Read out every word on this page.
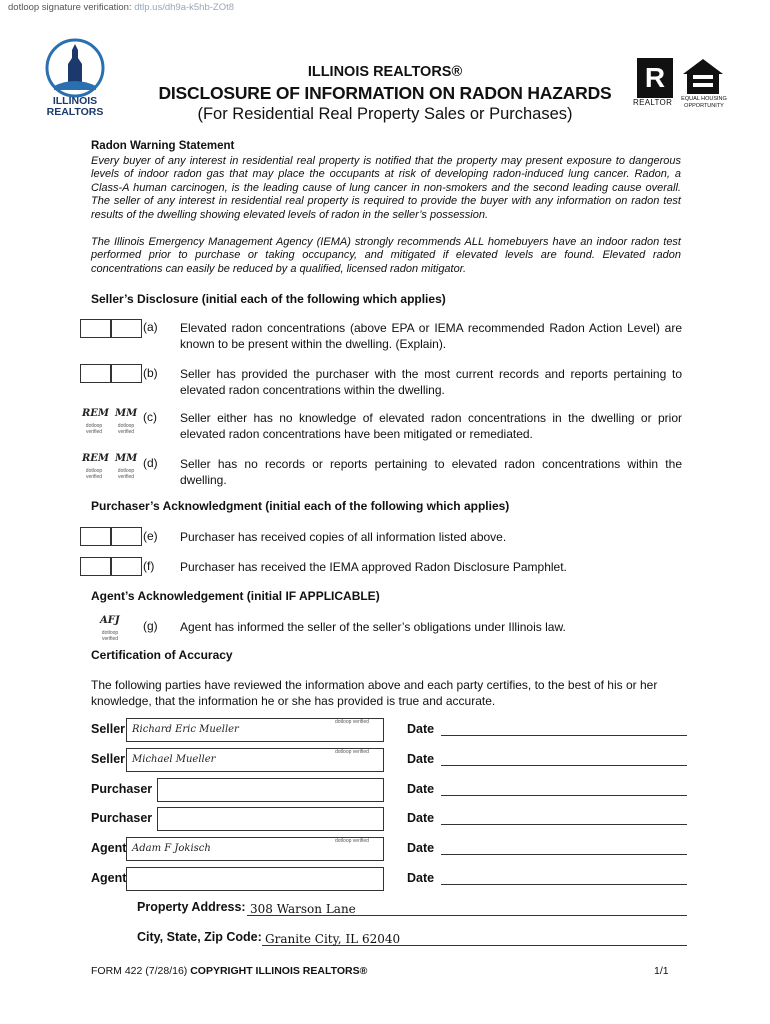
dotloop signature verification: dtlp.us/dh9a-k5hb-ZOt8
ILLINOIS
REALTORS
ILLINOIS REALTORS®
DISCLOSURE OF INFORMATION ON RADON HAZARDS
(For Residential Real Property Sales or Purchases)
R
REALTOR EQUAL HOUSING OPPORTUNITY
Radon Warning Statement
Every buyer of any interest in residential real property is notified that the property may present exposure to dangerous levels of indoor radon gas that may place the occupants at risk of developing radon-induced lung cancer. Radon, a Class-A human carcinogen, is the leading cause of lung cancer in non-smokers and the second leading cause overall. The seller of any interest in residential real property is required to provide the buyer with any information on radon test results of the dwelling showing elevated levels of radon in the seller’s possession.
The Illinois Emergency Management Agency (IEMA) strongly recommends ALL homebuyers have an indoor radon test performed prior to purchase or taking occupancy, and mitigated if elevated levels are found. Elevated radon concentrations can easily be reduced by a qualified, licensed radon mitigator.
Seller’s Disclosure (initial each of the following which applies)
(a) Elevated radon concentrations (above EPA or IEMA recommended Radon Action Level) are known to be present within the dwelling. (Explain).
(b) Seller has provided the purchaser with the most current records and reports pertaining to elevated radon concentrations within the dwelling.
REM MM
dotloop verified
dotloop verified
(c) Seller either has no knowledge of elevated radon concentrations in the dwelling or prior elevated radon concentrations have been mitigated or remediated.
REM MM
dotloop verified
dotloop verified
(d) Seller has no records or reports pertaining to elevated radon concentrations within the dwelling.
Purchaser’s Acknowledgment (initial each of the following which applies)
(e) Purchaser has received copies of all information listed above.
(f) Purchaser has received the IEMA approved Radon Disclosure Pamphlet.
Agent’s Acknowledgement (initial IF APPLICABLE)
AFJ
dotloop verified
(g) Agent has informed the seller of the seller’s obligations under Illinois law.
Certification of Accuracy
The following parties have reviewed the information above and each party certifies, to the best of his or her knowledge, that the information he or she has provided is true and accurate.
Seller Richard Eric Mueller
dotloop verified	Date
Seller Michael Mueller
dotloop verified	Date
Purchaser	Date
Purchaser	Date
Agent Adam F Jokisch
dotloop verified	Date
Agent	Date
Property Address: 308 Warson Lane
City, State, Zip Code: Granite City, IL 62040
FORM 422 (7/28/16) COPYRIGHT ILLINOIS REALTORS®	1/1
